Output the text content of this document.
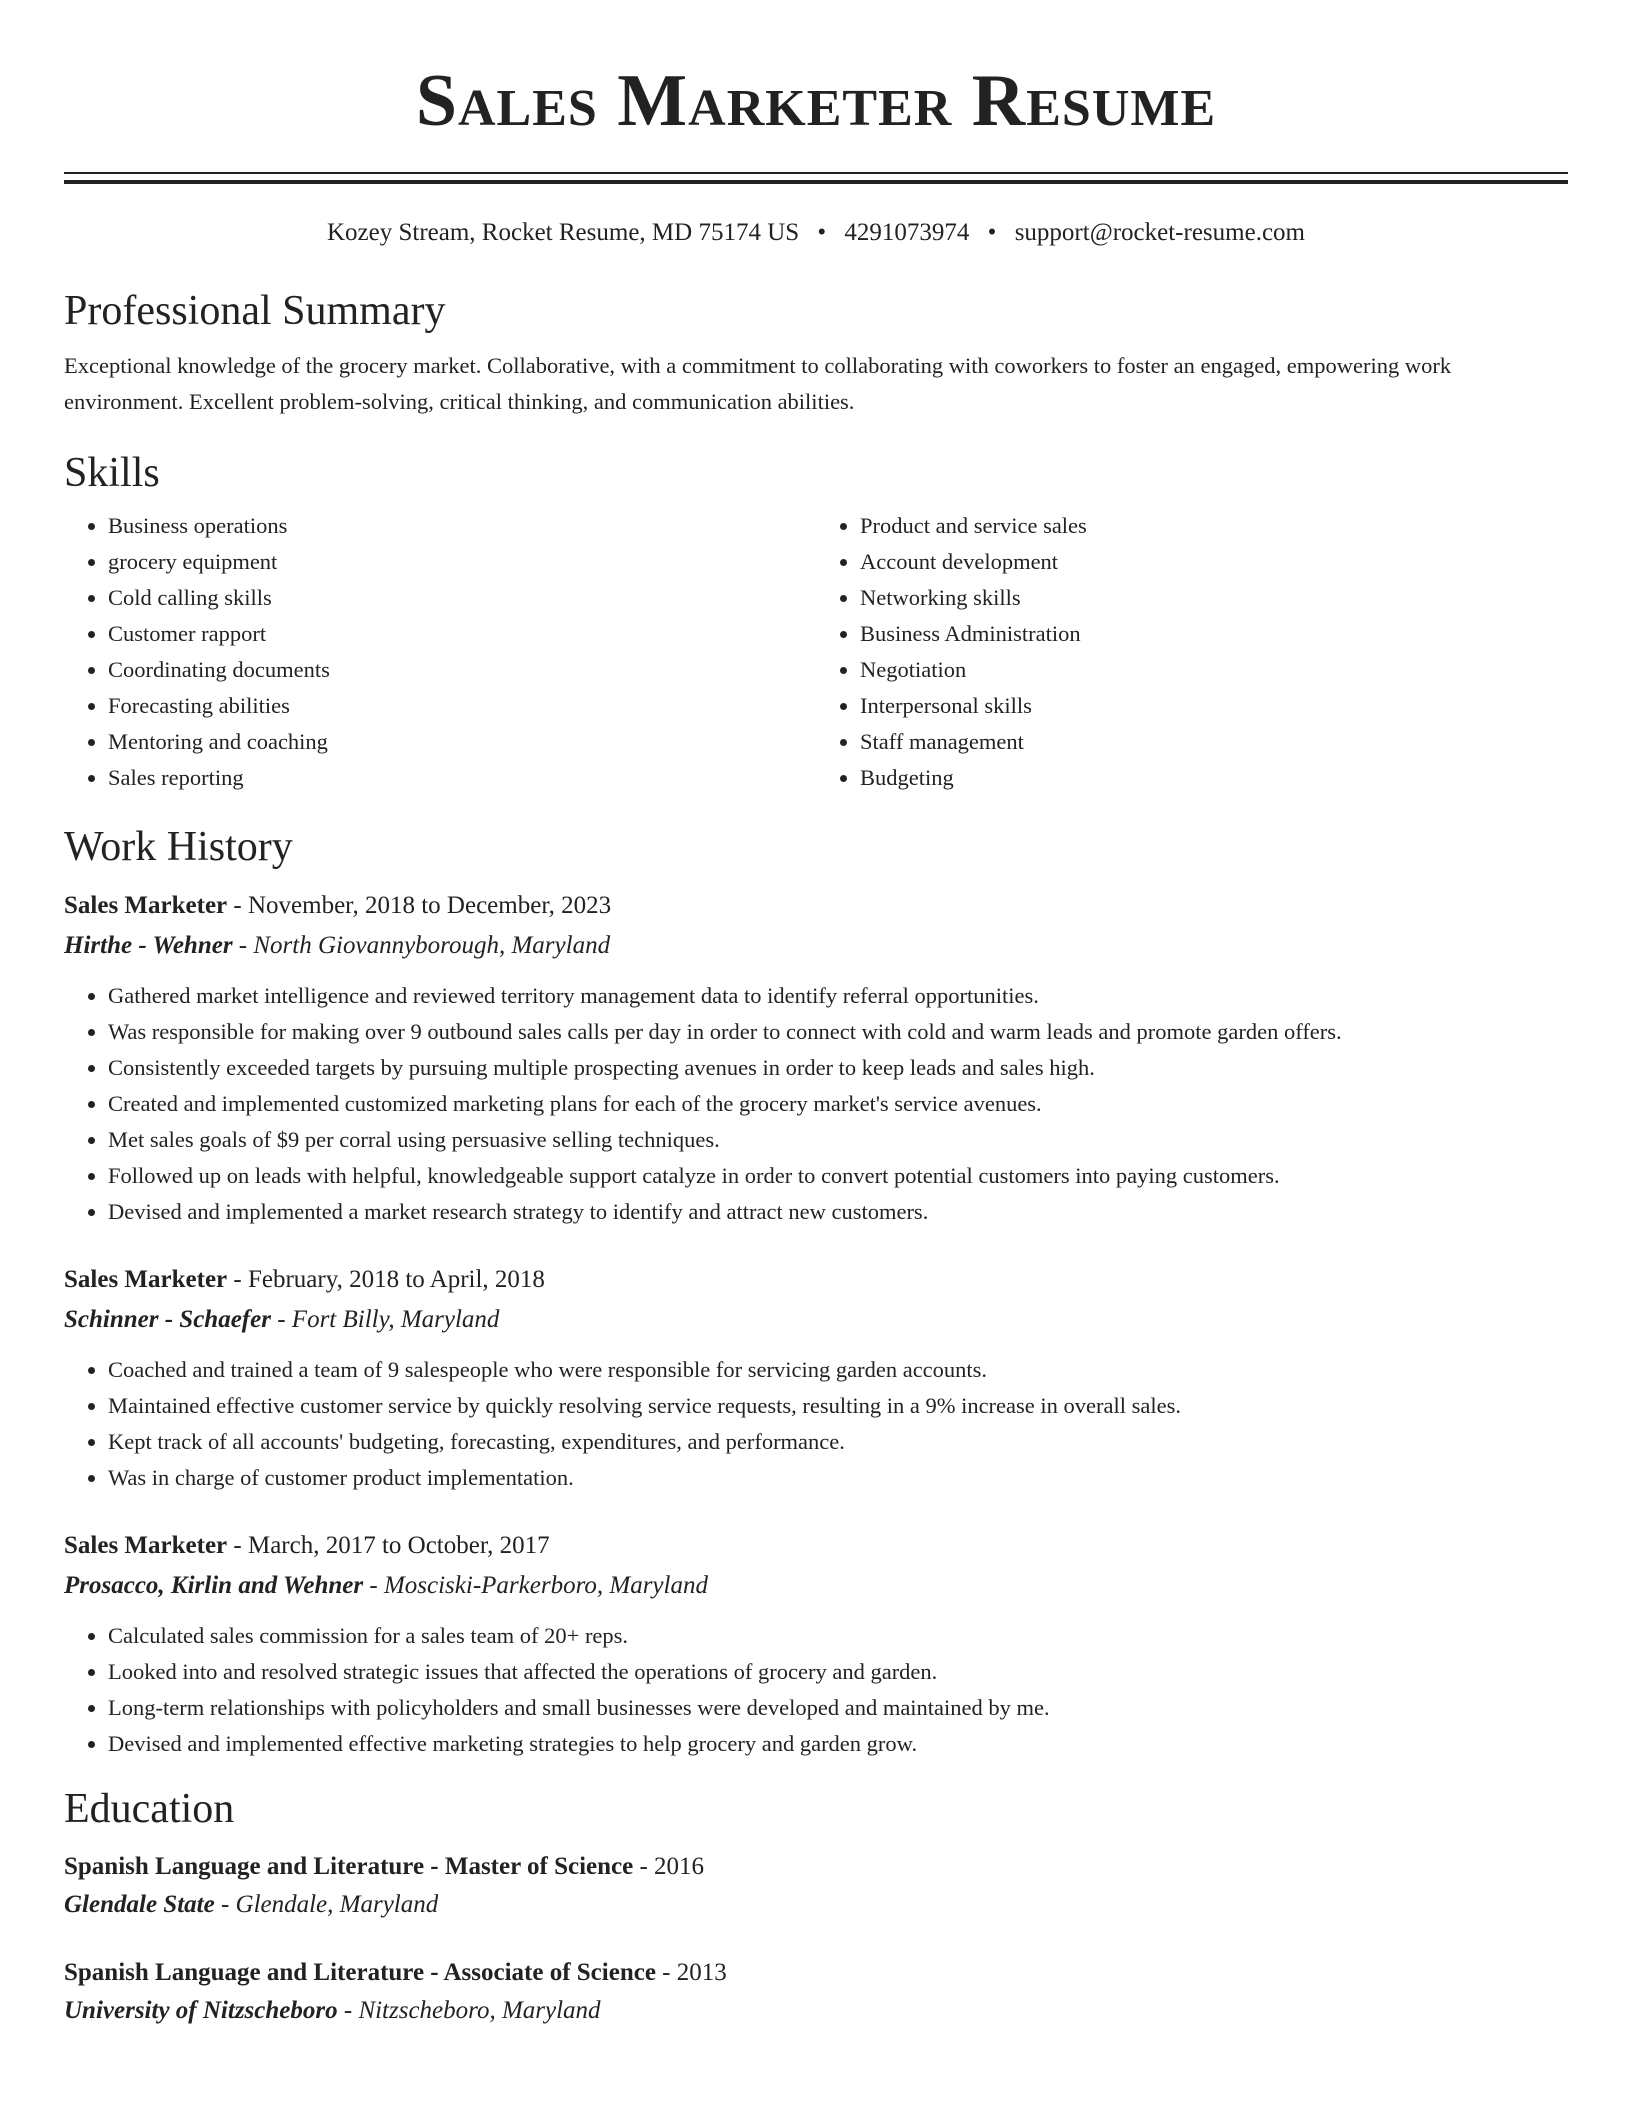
Sales Marketer Resume
Kozey Stream, Rocket Resume, MD 75174 US • 4291073974 • support@rocket-resume.com
Professional Summary
Exceptional knowledge of the grocery market. Collaborative, with a commitment to collaborating with coworkers to foster an engaged, empowering work environment. Excellent problem-solving, critical thinking, and communication abilities.
Skills
• Business operations
• grocery equipment
• Cold calling skills
• Customer rapport
• Coordinating documents
• Forecasting abilities
• Mentoring and coaching
• Sales reporting
• Product and service sales
• Account development
• Networking skills
• Business Administration
• Negotiation
• Interpersonal skills
• Staff management
• Budgeting
Work History
Sales Marketer - November, 2018 to December, 2023
Hirthe - Wehner - North Giovannyborough, Maryland
• Gathered market intelligence and reviewed territory management data to identify referral opportunities.
• Was responsible for making over 9 outbound sales calls per day in order to connect with cold and warm leads and promote garden offers.
• Consistently exceeded targets by pursuing multiple prospecting avenues in order to keep leads and sales high.
• Created and implemented customized marketing plans for each of the grocery market's service avenues.
• Met sales goals of $9 per corral using persuasive selling techniques.
• Followed up on leads with helpful, knowledgeable support catalyze in order to convert potential customers into paying customers.
• Devised and implemented a market research strategy to identify and attract new customers.
Sales Marketer - February, 2018 to April, 2018
Schinner - Schaefer - Fort Billy, Maryland
• Coached and trained a team of 9 salespeople who were responsible for servicing garden accounts.
• Maintained effective customer service by quickly resolving service requests, resulting in a 9% increase in overall sales.
• Kept track of all accounts' budgeting, forecasting, expenditures, and performance.
• Was in charge of customer product implementation.
Sales Marketer - March, 2017 to October, 2017
Prosacco, Kirlin and Wehner - Mosciski-Parkerboro, Maryland
• Calculated sales commission for a sales team of 20+ reps.
• Looked into and resolved strategic issues that affected the operations of grocery and garden.
• Long-term relationships with policyholders and small businesses were developed and maintained by me.
• Devised and implemented effective marketing strategies to help grocery and garden grow.
Education
Spanish Language and Literature - Master of Science - 2016
Glendale State - Glendale, Maryland
Spanish Language and Literature - Associate of Science - 2013
University of Nitzscheboro - Nitzscheboro, Maryland
